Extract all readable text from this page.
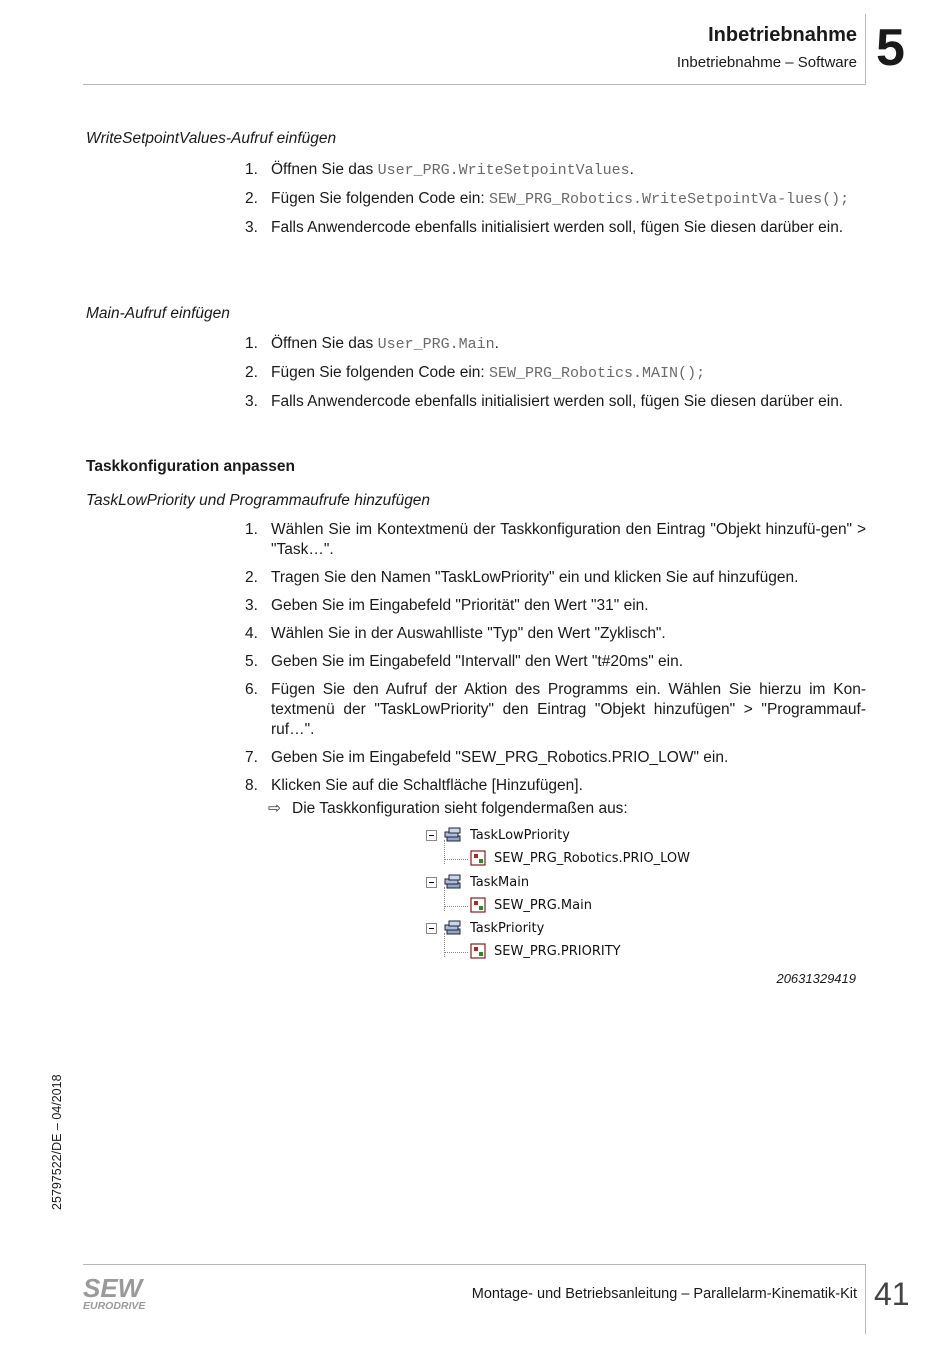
Inbetriebnahme
Inbetriebnahme – Software 5
WriteSetpointValues-Aufruf einfügen
1. Öffnen Sie das User_PRG.WriteSetpointValues.
2. Fügen Sie folgenden Code ein: SEW_PRG_Robotics.WriteSetpointVa-lues();
3. Falls Anwendercode ebenfalls initialisiert werden soll, fügen Sie diesen darüber ein.
Main-Aufruf einfügen
1. Öffnen Sie das User_PRG.Main.
2. Fügen Sie folgenden Code ein: SEW_PRG_Robotics.MAIN();
3. Falls Anwendercode ebenfalls initialisiert werden soll, fügen Sie diesen darüber ein.
Taskkonfiguration anpassen
TaskLowPriority und Programmaufrufe hinzufügen
1. Wählen Sie im Kontextmenü der Taskkonfiguration den Eintrag "Objekt hinzufü-gen" > "Task…".
2. Tragen Sie den Namen "TaskLowPriority" ein und klicken Sie auf hinzufügen.
3. Geben Sie im Eingabefeld "Priorität" den Wert "31" ein.
4. Wählen Sie in der Auswahlliste "Typ" den Wert "Zyklisch".
5. Geben Sie im Eingabefeld "Intervall" den Wert "t#20ms" ein.
6. Fügen Sie den Aufruf der Aktion des Programms ein. Wählen Sie hierzu im Kon-textmenü der "TaskLowPriority" den Eintrag "Objekt hinzufügen" > "Programmauf-ruf…".
7. Geben Sie im Eingabefeld "SEW_PRG_Robotics.PRIO_LOW" ein.
8. Klicken Sie auf die Schaltfläche [Hinzufügen].
⇨ Die Taskkonfiguration sieht folgendermaßen aus:
TaskLowPriority
SEW_PRG_Robotics.PRIO_LOW
TaskMain
SEW_PRG.Main
TaskPriority
SEW_PRG.PRIORITY
20631329419
25797522/DE – 04/2018
SEW
EURODRIVE
Montage- und Betriebsanleitung – Parallelarm-Kinematik-Kit 41
